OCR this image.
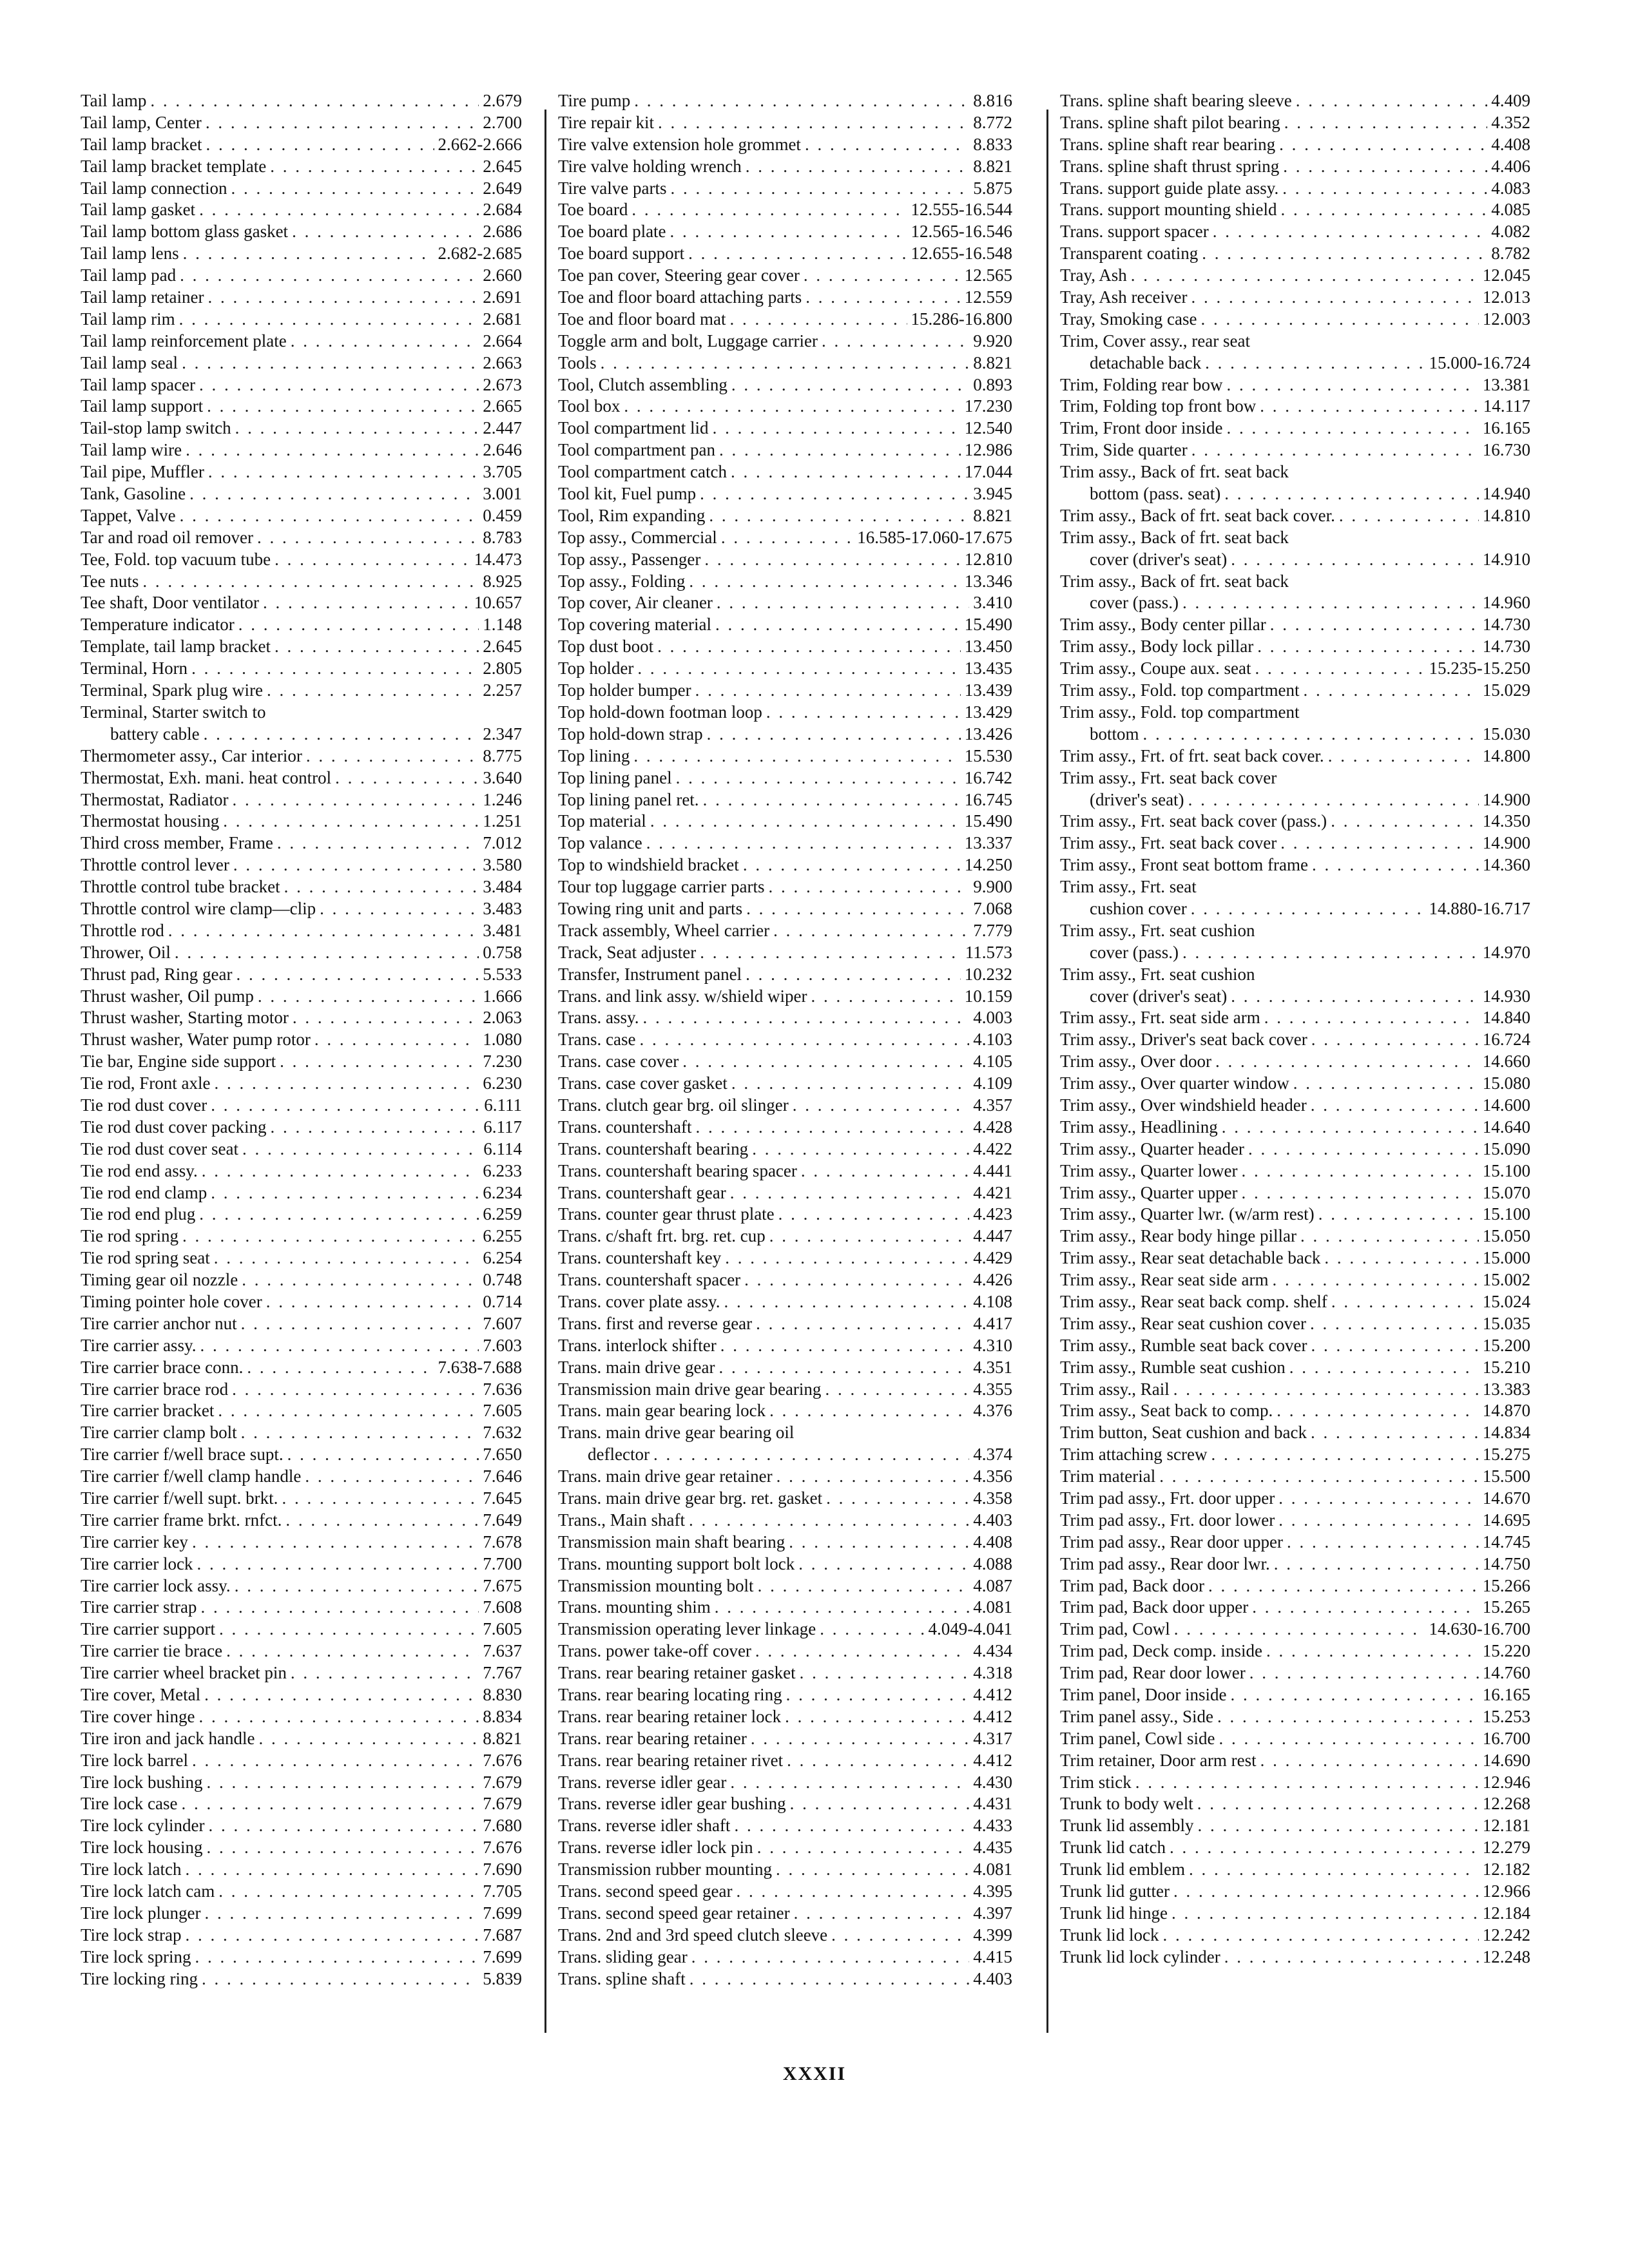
Tail lamp . . .	2.679
Tail lamp, Center . . .	2.700
Tail lamp bracket . . .	2.662-2.666
Tail lamp bracket template . . .	2.645
Tail lamp connection . . .	2.649
Tail lamp gasket . . .	2.684
Tail lamp bottom glass gasket . . .	2.686
Tail lamp lens . . .	2.682-2.685
Tail lamp pad . . .	2.660
Tail lamp retainer . . .	2.691
Tail lamp rim . . .	2.681
Tail lamp reinforcement plate . . .	2.664
Tail lamp seal . . .	2.663
Tail lamp spacer . . .	2.673
Tail lamp support . . .	2.665
Tail-stop lamp switch . . .	2.447
Tail lamp wire . . .	2.646
Tail pipe, Muffler . . .	3.705
Tank, Gasoline . . .	3.001
Tappet, Valve . . .	0.459
Tar and road oil remover . . .	8.783
Tee, Fold. top vacuum tube . . .	14.473
Tee nuts . . .	8.925
Tee shaft, Door ventilator . . .	10.657
Temperature indicator . . .	1.148
Template, tail lamp bracket . . .	2.645
Terminal, Horn . . .	2.805
Terminal, Spark plug wire . . .	2.257
Terminal, Starter switch to
battery cable . . .	2.347
Thermometer assy., Car interior . . .	8.775
Thermostat, Exh. mani. heat control . . .	3.640
Thermostat, Radiator . . .	1.246
Thermostat housing . . .	1.251
Third cross member, Frame . . .	7.012
Throttle control lever . . .	3.580
Throttle control tube bracket . . .	3.484
Throttle control wire clamp—clip . . .	3.483
Throttle rod . . .	3.481
Thrower, Oil . . .	0.758
Thrust pad, Ring gear . . .	5.533
Thrust washer, Oil pump . . .	1.666
Thrust washer, Starting motor . . .	2.063
Thrust washer, Water pump rotor . . .	1.080
Tie bar, Engine side support . . .	7.230
Tie rod, Front axle . . .	6.230
Tie rod dust cover . . .	6.111
Tie rod dust cover packing . . .	6.117
Tie rod dust cover seat . . .	6.114
Tie rod end assy. . . .	6.233
Tie rod end clamp . . .	6.234
Tie rod end plug . . .	6.259
Tie rod spring . . .	6.255
Tie rod spring seat . . .	6.254
Timing gear oil nozzle . . .	0.748
Timing pointer hole cover . . .	0.714
Tire carrier anchor nut . . .	7.607
Tire carrier assy. . . .	7.603
Tire carrier brace conn. . . .	7.638-7.688
Tire carrier brace rod . . .	7.636
Tire carrier bracket . . .	7.605
Tire carrier clamp bolt . . .	7.632
Tire carrier f/well brace supt. . . .	7.650
Tire carrier f/well clamp handle . . .	7.646
Tire carrier f/well supt. brkt. . . .	7.645
Tire carrier frame brkt. rnfct. . . .	7.649
Tire carrier key . . .	7.678
Tire carrier lock . . .	7.700
Tire carrier lock assy. . . .	7.675
Tire carrier strap . . .	7.608
Tire carrier support . . .	7.605
Tire carrier tie brace . . .	7.637
Tire carrier wheel bracket pin . . .	7.767
Tire cover, Metal . . .	8.830
Tire cover hinge . . .	8.834
Tire iron and jack handle . . .	8.821
Tire lock barrel . . .	7.676
Tire lock bushing . . .	7.679
Tire lock case . . .	7.679
Tire lock cylinder . . .	7.680
Tire lock housing . . .	7.676
Tire lock latch . . .	7.690
Tire lock latch cam . . .	7.705
Tire lock plunger . . .	7.699
Tire lock strap . . .	7.687
Tire lock spring . . .	7.699
Tire locking ring . . .	5.839
Tire pump . . .	8.816
Tire repair kit . . .	8.772
Tire valve extension hole grommet . . .	8.833
Tire valve holding wrench . . .	8.821
Tire valve parts . . .	5.875
Toe board . . .	12.555-16.544
Toe board plate . . .	12.565-16.546
Toe board support . . .	12.655-16.548
Toe pan cover, Steering gear cover . . .	12.565
Toe and floor board attaching parts . . .	12.559
Toe and floor board mat . . .	15.286-16.800
Toggle arm and bolt, Luggage carrier . . .	9.920
Tools . . .	8.821
Tool, Clutch assembling . . .	0.893
Tool box . . .	17.230
Tool compartment lid . . .	12.540
Tool compartment pan . . .	12.986
Tool compartment catch . . .	17.044
Tool kit, Fuel pump . . .	3.945
Tool, Rim expanding . . .	8.821
Top assy., Commercial . . .	16.585-17.060-17.675
Top assy., Passenger . . .	12.810
Top assy., Folding . . .	13.346
Top cover, Air cleaner . . .	3.410
Top covering material . . .	15.490
Top dust boot . . .	13.450
Top holder . . .	13.435
Top holder bumper . . .	13.439
Top hold-down footman loop . . .	13.429
Top hold-down strap . . .	13.426
Top lining . . .	15.530
Top lining panel . . .	16.742
Top lining panel ret. . . .	16.745
Top material . . .	15.490
Top valance . . .	13.337
Top to windshield bracket . . .	14.250
Tour top luggage carrier parts . . .	9.900
Towing ring unit and parts . . .	7.068
Track assembly, Wheel carrier . . .	7.779
Track, Seat adjuster . . .	11.573
Transfer, Instrument panel . . .	10.232
Trans. and link assy. w/shield wiper . . .	10.159
Trans. assy. . . .	4.003
Trans. case . . .	4.103
Trans. case cover . . .	4.105
Trans. case cover gasket . . .	4.109
Trans. clutch gear brg. oil slinger . . .	4.357
Trans. countershaft . . .	4.428
Trans. countershaft bearing . . .	4.422
Trans. countershaft bearing spacer . . .	4.441
Trans. countershaft gear . . .	4.421
Trans. counter gear thrust plate . . .	4.423
Trans. c/shaft frt. brg. ret. cup . . .	4.447
Trans. countershaft key . . .	4.429
Trans. countershaft spacer . . .	4.426
Trans. cover plate assy. . . .	4.108
Trans. first and reverse gear . . .	4.417
Trans. interlock shifter . . .	4.310
Trans. main drive gear . . .	4.351
Transmission main drive gear bearing . . .	4.355
Trans. main gear bearing lock . . .	4.376
Trans. main drive gear bearing oil
deflector . . .	4.374
Trans. main drive gear retainer . . .	4.356
Trans. main drive gear brg. ret. gasket . . .	4.358
Trans., Main shaft . . .	4.403
Transmission main shaft bearing . . .	4.408
Trans. mounting support bolt lock . . .	4.088
Transmission mounting bolt . . .	4.087
Trans. mounting shim . . .	4.081
Transmission operating lever linkage . . .	4.049-4.041
Trans. power take-off cover . . .	4.434
Trans. rear bearing retainer gasket . . .	4.318
Trans. rear bearing locating ring . . .	4.412
Trans. rear bearing retainer lock . . .	4.412
Trans. rear bearing retainer . . .	4.317
Trans. rear bearing retainer rivet . . .	4.412
Trans. reverse idler gear . . .	4.430
Trans. reverse idler gear bushing . . .	4.431
Trans. reverse idler shaft . . .	4.433
Trans. reverse idler lock pin . . .	4.435
Transmission rubber mounting . . .	4.081
Trans. second speed gear . . .	4.395
Trans. second speed gear retainer . . .	4.397
Trans. 2nd and 3rd speed clutch sleeve . . .	4.399
Trans. sliding gear . . .	4.415
Trans. spline shaft . . .	4.403
Trans. spline shaft bearing sleeve . . .	4.409
Trans. spline shaft pilot bearing . . .	4.352
Trans. spline shaft rear bearing . . .	4.408
Trans. spline shaft thrust spring . . .	4.406
Trans. support guide plate assy. . . .	4.083
Trans. support mounting shield . . .	4.085
Trans. support spacer . . .	4.082
Transparent coating . . .	8.782
Tray, Ash . . .	12.045
Tray, Ash receiver . . .	12.013
Tray, Smoking case . . .	12.003
Trim, Cover assy., rear seat
detachable back . . .	15.000-16.724
Trim, Folding rear bow . . .	13.381
Trim, Folding top front bow . . .	14.117
Trim, Front door inside . . .	16.165
Trim, Side quarter . . .	16.730
Trim assy., Back of frt. seat back
bottom (pass. seat) . . .	14.940
Trim assy., Back of frt. seat back cover. . . .	14.810
Trim assy., Back of frt. seat back
cover (driver's seat) . . .	14.910
Trim assy., Back of frt. seat back
cover (pass.) . . .	14.960
Trim assy., Body center pillar . . .	14.730
Trim assy., Body lock pillar . . .	14.730
Trim assy., Coupe aux. seat . . .	15.235-15.250
Trim assy., Fold. top compartment . . .	15.029
Trim assy., Fold. top compartment
bottom . . .	15.030
Trim assy., Frt. of frt. seat back cover. . . .	14.800
Trim assy., Frt. seat back cover
(driver's seat) . . .	14.900
Trim assy., Frt. seat back cover (pass.) . . .	14.350
Trim assy., Frt. seat back cover . . .	14.900
Trim assy., Front seat bottom frame . . .	14.360
Trim assy., Frt. seat
cushion cover . . .	14.880-16.717
Trim assy., Frt. seat cushion
cover (pass.) . . .	14.970
Trim assy., Frt. seat cushion
cover (driver's seat) . . .	14.930
Trim assy., Frt. seat side arm . . .	14.840
Trim assy., Driver's seat back cover . . .	16.724
Trim assy., Over door . . .	14.660
Trim assy., Over quarter window . . .	15.080
Trim assy., Over windshield header . . .	14.600
Trim assy., Headlining . . .	14.640
Trim assy., Quarter header . . .	15.090
Trim assy., Quarter lower . . .	15.100
Trim assy., Quarter upper . . .	15.070
Trim assy., Quarter lwr. (w/arm rest) . . .	15.100
Trim assy., Rear body hinge pillar . . .	15.050
Trim assy., Rear seat detachable back . . .	15.000
Trim assy., Rear seat side arm . . .	15.002
Trim assy., Rear seat back comp. shelf . . .	15.024
Trim assy., Rear seat cushion cover . . .	15.035
Trim assy., Rumble seat back cover . . .	15.200
Trim assy., Rumble seat cushion . . .	15.210
Trim assy., Rail . . .	13.383
Trim assy., Seat back to comp. . . .	14.870
Trim button, Seat cushion and back . . .	14.834
Trim attaching screw . . .	15.275
Trim material . . .	15.500
Trim pad assy., Frt. door upper . . .	14.670
Trim pad assy., Frt. door lower . . .	14.695
Trim pad assy., Rear door upper . . .	14.745
Trim pad assy., Rear door lwr. . . .	14.750
Trim pad, Back door . . .	15.266
Trim pad, Back door upper . . .	15.265
Trim pad, Cowl . . .	14.630-16.700
Trim pad, Deck comp. inside . . .	15.220
Trim pad, Rear door lower . . .	14.760
Trim panel, Door inside . . .	16.165
Trim panel assy., Side . . .	15.253
Trim panel, Cowl side . . .	16.700
Trim retainer, Door arm rest . . .	14.690
Trim stick . . .	12.946
Trunk to body welt . . .	12.268
Trunk lid assembly . . .	12.181
Trunk lid catch . . .	12.279
Trunk lid emblem . . .	12.182
Trunk lid gutter . . .	12.966
Trunk lid hinge . . .	12.184
Trunk lid lock . . .	12.242
Trunk lid lock cylinder . . .	12.248
XXXII
